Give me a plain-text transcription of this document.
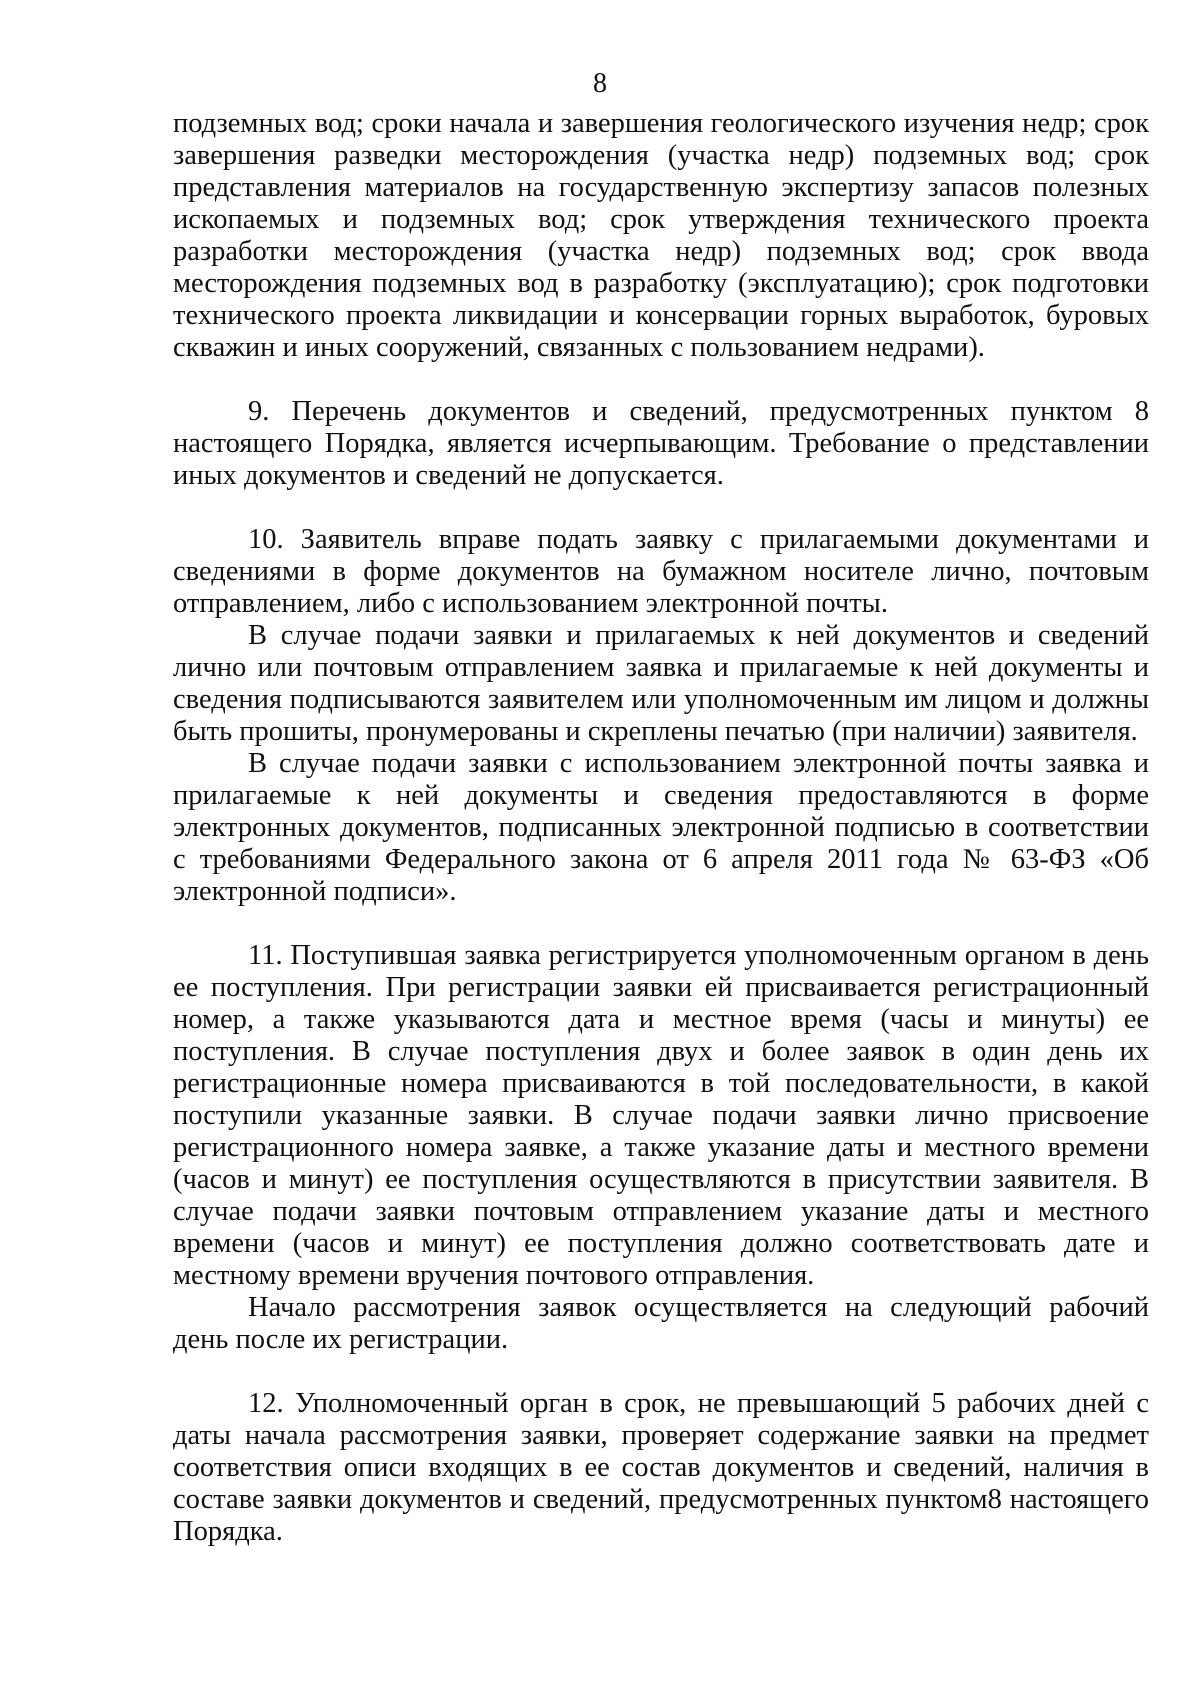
8

подземных вод; сроки начала и завершения геологического изучения недр; срок завершения разведки месторождения (участка недр) подземных вод; срок представления материалов на государственную экспертизу запасов полезных ископаемых и подземных вод; срок утверждения технического проекта разработки месторождения (участка недр) подземных вод; срок ввода месторождения подземных вод в разработку (эксплуатацию); срок подготовки технического проекта ликвидации и консервации горных выработок, буровых скважин и иных сооружений, связанных с пользованием недрами).

9. Перечень документов и сведений, предусмотренных пунктом 8 настоящего Порядка, является исчерпывающим. Требование о представлении иных документов и сведений не допускается.

10. Заявитель вправе подать заявку с прилагаемыми документами и сведениями в форме документов на бумажном носителе лично, почтовым отправлением, либо с использованием электронной почты.

В случае подачи заявки и прилагаемых к ней документов и сведений лично или почтовым отправлением заявка и прилагаемые к ней документы и сведения подписываются заявителем или уполномоченным им лицом и должны быть прошиты, пронумерованы и скреплены печатью (при наличии) заявителя.

В случае подачи заявки с использованием электронной почты заявка и прилагаемые к ней документы и сведения предоставляются в форме электронных документов, подписанных электронной подписью в соответствии с требованиями Федерального закона от 6 апреля 2011 года № 63-ФЗ «Об электронной подписи».

11. Поступившая заявка регистрируется уполномоченным органом в день ее поступления. При регистрации заявки ей присваивается регистрационный номер, а также указываются дата и местное время (часы и минуты) ее поступления. В случае поступления двух и более заявок в один день их регистрационные номера присваиваются в той последовательности, в какой поступили указанные заявки. В случае подачи заявки лично присвоение регистрационного номера заявке, а также указание даты и местного времени (часов и минут) ее поступления осуществляются в присутствии заявителя. В случае подачи заявки почтовым отправлением указание даты и местного времени (часов и минут) ее поступления должно соответствовать дате и местному времени вручения почтового отправления.

Начало рассмотрения заявок осуществляется на следующий рабочий день после их регистрации.

12. Уполномоченный орган в срок, не превышающий 5 рабочих дней с даты начала рассмотрения заявки, проверяет содержание заявки на предмет соответствия описи входящих в ее состав документов и сведений, наличия в составе заявки документов и сведений, предусмотренных пунктом8 настоящего Порядка.
